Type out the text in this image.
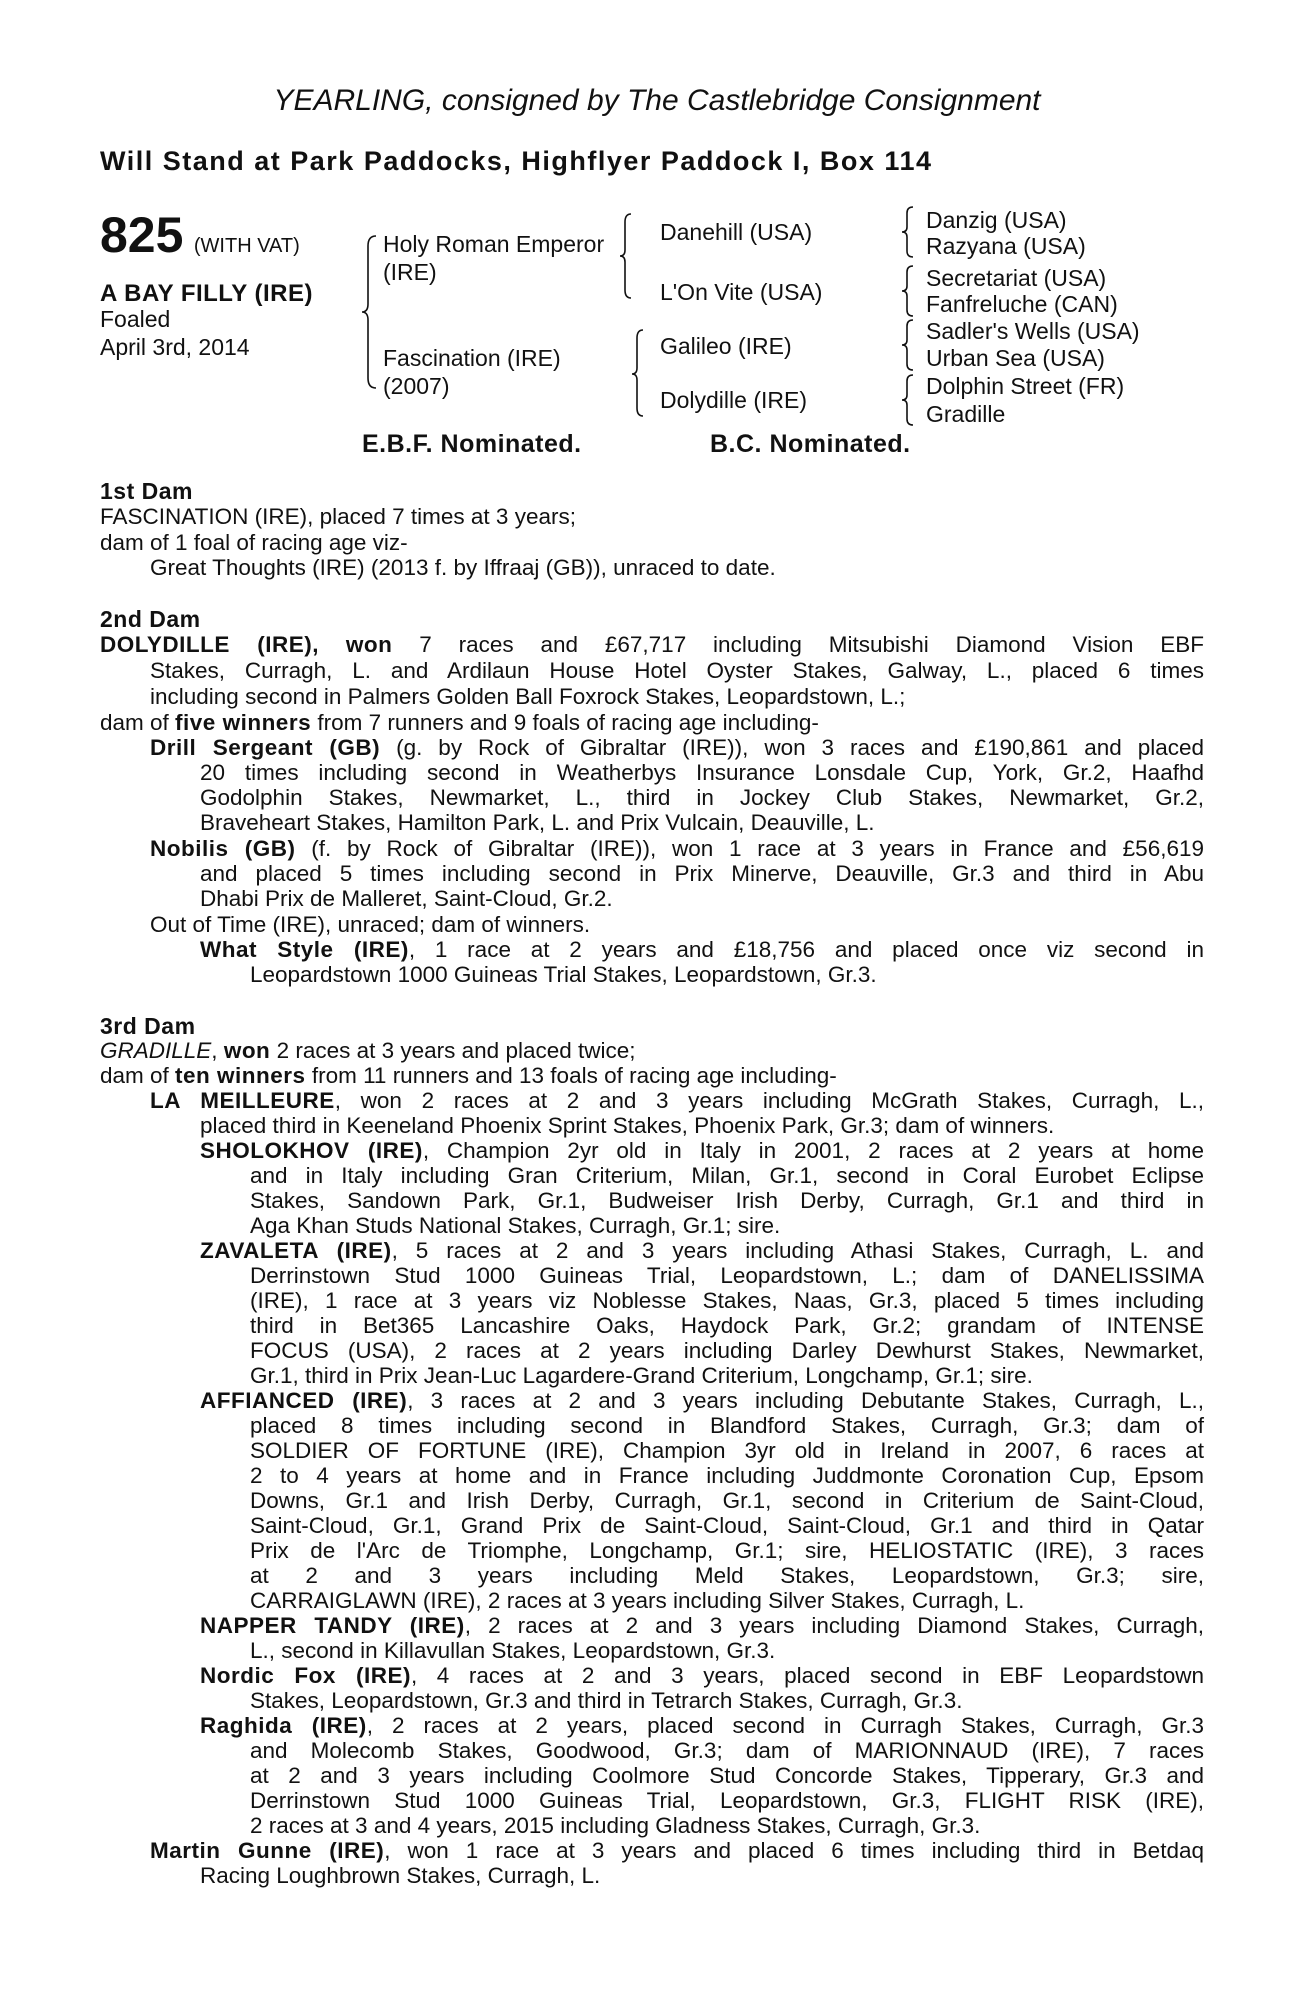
YEARLING, consigned by The Castlebridge Consignment
Will Stand at Park Paddocks, Highflyer Paddock I, Box 114
825 (WITH VAT)
A BAY FILLY (IRE)
Foaled
April 3rd, 2014
Holy Roman Emperor
(IRE)
Fascination (IRE)
(2007)
Danehill (USA)
L'On Vite (USA)
Galileo (IRE)
Dolydille (IRE)
Danzig (USA)
Razyana (USA)
Secretariat (USA)
Fanfreluche (CAN)
Sadler's Wells (USA)
Urban Sea (USA)
Dolphin Street (FR)
Gradille
E.B.F. Nominated.	B.C. Nominated.
1st Dam
FASCINATION (IRE), placed 7 times at 3 years;
dam of 1 foal of racing age viz-
Great Thoughts (IRE) (2013 f. by Iffraaj (GB)), unraced to date.
2nd Dam
DOLYDILLE (IRE), won 7 races and £67,717 including Mitsubishi Diamond Vision EBF
Stakes, Curragh, L. and Ardilaun House Hotel Oyster Stakes, Galway, L., placed 6 times
including second in Palmers Golden Ball Foxrock Stakes, Leopardstown, L.;
dam of five winners from 7 runners and 9 foals of racing age including-
Drill Sergeant (GB) (g. by Rock of Gibraltar (IRE)), won 3 races and £190,861 and placed
20 times including second in Weatherbys Insurance Lonsdale Cup, York, Gr.2, Haafhd
Godolphin Stakes, Newmarket, L., third in Jockey Club Stakes, Newmarket, Gr.2,
Braveheart Stakes, Hamilton Park, L. and Prix Vulcain, Deauville, L.
Nobilis (GB) (f. by Rock of Gibraltar (IRE)), won 1 race at 3 years in France and £56,619
and placed 5 times including second in Prix Minerve, Deauville, Gr.3 and third in Abu
Dhabi Prix de Malleret, Saint-Cloud, Gr.2.
Out of Time (IRE), unraced; dam of winners.
What Style (IRE), 1 race at 2 years and £18,756 and placed once viz second in
Leopardstown 1000 Guineas Trial Stakes, Leopardstown, Gr.3.
3rd Dam
GRADILLE, won 2 races at 3 years and placed twice;
dam of ten winners from 11 runners and 13 foals of racing age including-
LA MEILLEURE, won 2 races at 2 and 3 years including McGrath Stakes, Curragh, L.,
placed third in Keeneland Phoenix Sprint Stakes, Phoenix Park, Gr.3; dam of winners.
SHOLOKHOV (IRE), Champion 2yr old in Italy in 2001, 2 races at 2 years at home
and in Italy including Gran Criterium, Milan, Gr.1, second in Coral Eurobet Eclipse
Stakes, Sandown Park, Gr.1, Budweiser Irish Derby, Curragh, Gr.1 and third in
Aga Khan Studs National Stakes, Curragh, Gr.1; sire.
ZAVALETA (IRE), 5 races at 2 and 3 years including Athasi Stakes, Curragh, L. and
Derrinstown Stud 1000 Guineas Trial, Leopardstown, L.; dam of DANELISSIMA
(IRE), 1 race at 3 years viz Noblesse Stakes, Naas, Gr.3, placed 5 times including
third in Bet365 Lancashire Oaks, Haydock Park, Gr.2; grandam of INTENSE
FOCUS (USA), 2 races at 2 years including Darley Dewhurst Stakes, Newmarket,
Gr.1, third in Prix Jean-Luc Lagardere-Grand Criterium, Longchamp, Gr.1; sire.
AFFIANCED (IRE), 3 races at 2 and 3 years including Debutante Stakes, Curragh, L.,
placed 8 times including second in Blandford Stakes, Curragh, Gr.3; dam of
SOLDIER OF FORTUNE (IRE), Champion 3yr old in Ireland in 2007, 6 races at
2 to 4 years at home and in France including Juddmonte Coronation Cup, Epsom
Downs, Gr.1 and Irish Derby, Curragh, Gr.1, second in Criterium de Saint-Cloud,
Saint-Cloud, Gr.1, Grand Prix de Saint-Cloud, Saint-Cloud, Gr.1 and third in Qatar
Prix de l'Arc de Triomphe, Longchamp, Gr.1; sire, HELIOSTATIC (IRE), 3 races
at 2 and 3 years including Meld Stakes, Leopardstown, Gr.3; sire,
CARRAIGLAWN (IRE), 2 races at 3 years including Silver Stakes, Curragh, L.
NAPPER TANDY (IRE), 2 races at 2 and 3 years including Diamond Stakes, Curragh,
L., second in Killavullan Stakes, Leopardstown, Gr.3.
Nordic Fox (IRE), 4 races at 2 and 3 years, placed second in EBF Leopardstown
Stakes, Leopardstown, Gr.3 and third in Tetrarch Stakes, Curragh, Gr.3.
Raghida (IRE), 2 races at 2 years, placed second in Curragh Stakes, Curragh, Gr.3
and Molecomb Stakes, Goodwood, Gr.3; dam of MARIONNAUD (IRE), 7 races
at 2 and 3 years including Coolmore Stud Concorde Stakes, Tipperary, Gr.3 and
Derrinstown Stud 1000 Guineas Trial, Leopardstown, Gr.3, FLIGHT RISK (IRE),
2 races at 3 and 4 years, 2015 including Gladness Stakes, Curragh, Gr.3.
Martin Gunne (IRE), won 1 race at 3 years and placed 6 times including third in Betdaq
Racing Loughbrown Stakes, Curragh, L.
